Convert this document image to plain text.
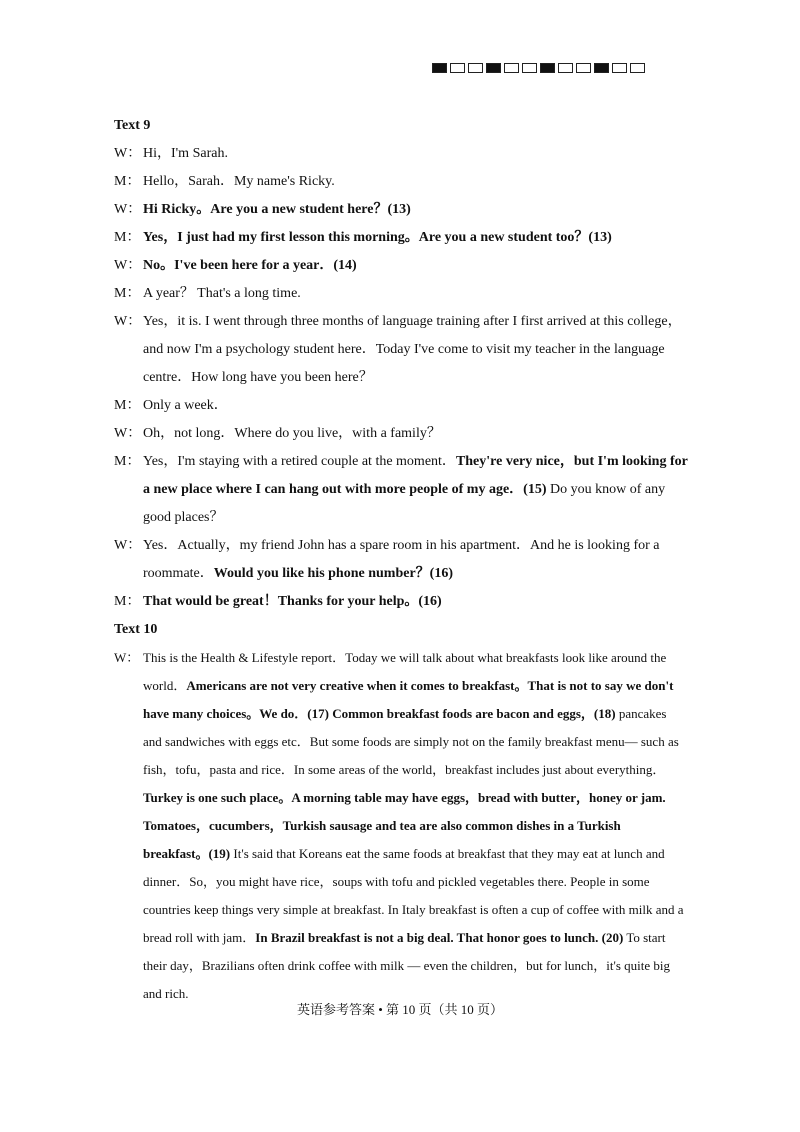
Text 9
W： Hi，I'm Sarah.
M： Hello，Sarah．My name's Ricky.
W： Hi Ricky。Are you a new student here？(13)
M： Yes，I just had my first lesson this morning。Are you a new student too？(13)
W： No。I've been here for a year．(14)
M： A year？ That's a long time.
W： Yes，it is. I went through three months of language training after I first arrived at this college，and now I'm a psychology student here．Today I've come to visit my teacher in the language centre．How long have you been here？
M： Only a week．
W： Oh，not long．Where do you live，with a family？
M： Yes，I'm staying with a retired couple at the moment．They're very nice，but I'm looking for a new place where I can hang out with more people of my age．(15) Do you know of any good places？
W： Yes．Actually，my friend John has a spare room in his apartment．And he is looking for a roommate．Would you like his phone number？(16)
M： That would be great！Thanks for your help。(16)
Text 10
W： This is the Health & Lifestyle report．Today we will talk about what breakfasts look like around the world．Americans are not very creative when it comes to breakfast。That is not to say we don't have many choices。We do．(17) Common breakfast foods are bacon and eggs，(18) pancakes and sandwiches with eggs etc．But some foods are simply not on the family breakfast menu— such as fish，tofu，pasta and rice．In some areas of the world，breakfast includes just about everything．Turkey is one such place。A morning table may have eggs，bread with butter，honey or jam. Tomatoes，cucumbers，Turkish sausage and tea are also common dishes in a Turkish breakfast。(19) It's said that Koreans eat the same foods at breakfast that they may eat at lunch and dinner．So，you might have rice，soups with tofu and pickled vegetables there. People in some countries keep things very simple at breakfast. In Italy breakfast is often a cup of coffee with milk and a bread roll with jam．In Brazil breakfast is not a big deal. That honor goes to lunch. (20) To start their day，Brazilians often drink coffee with milk — even the children，but for lunch，it's quite big and rich.
英语参考答案 • 第 10 页（共 10 页）
